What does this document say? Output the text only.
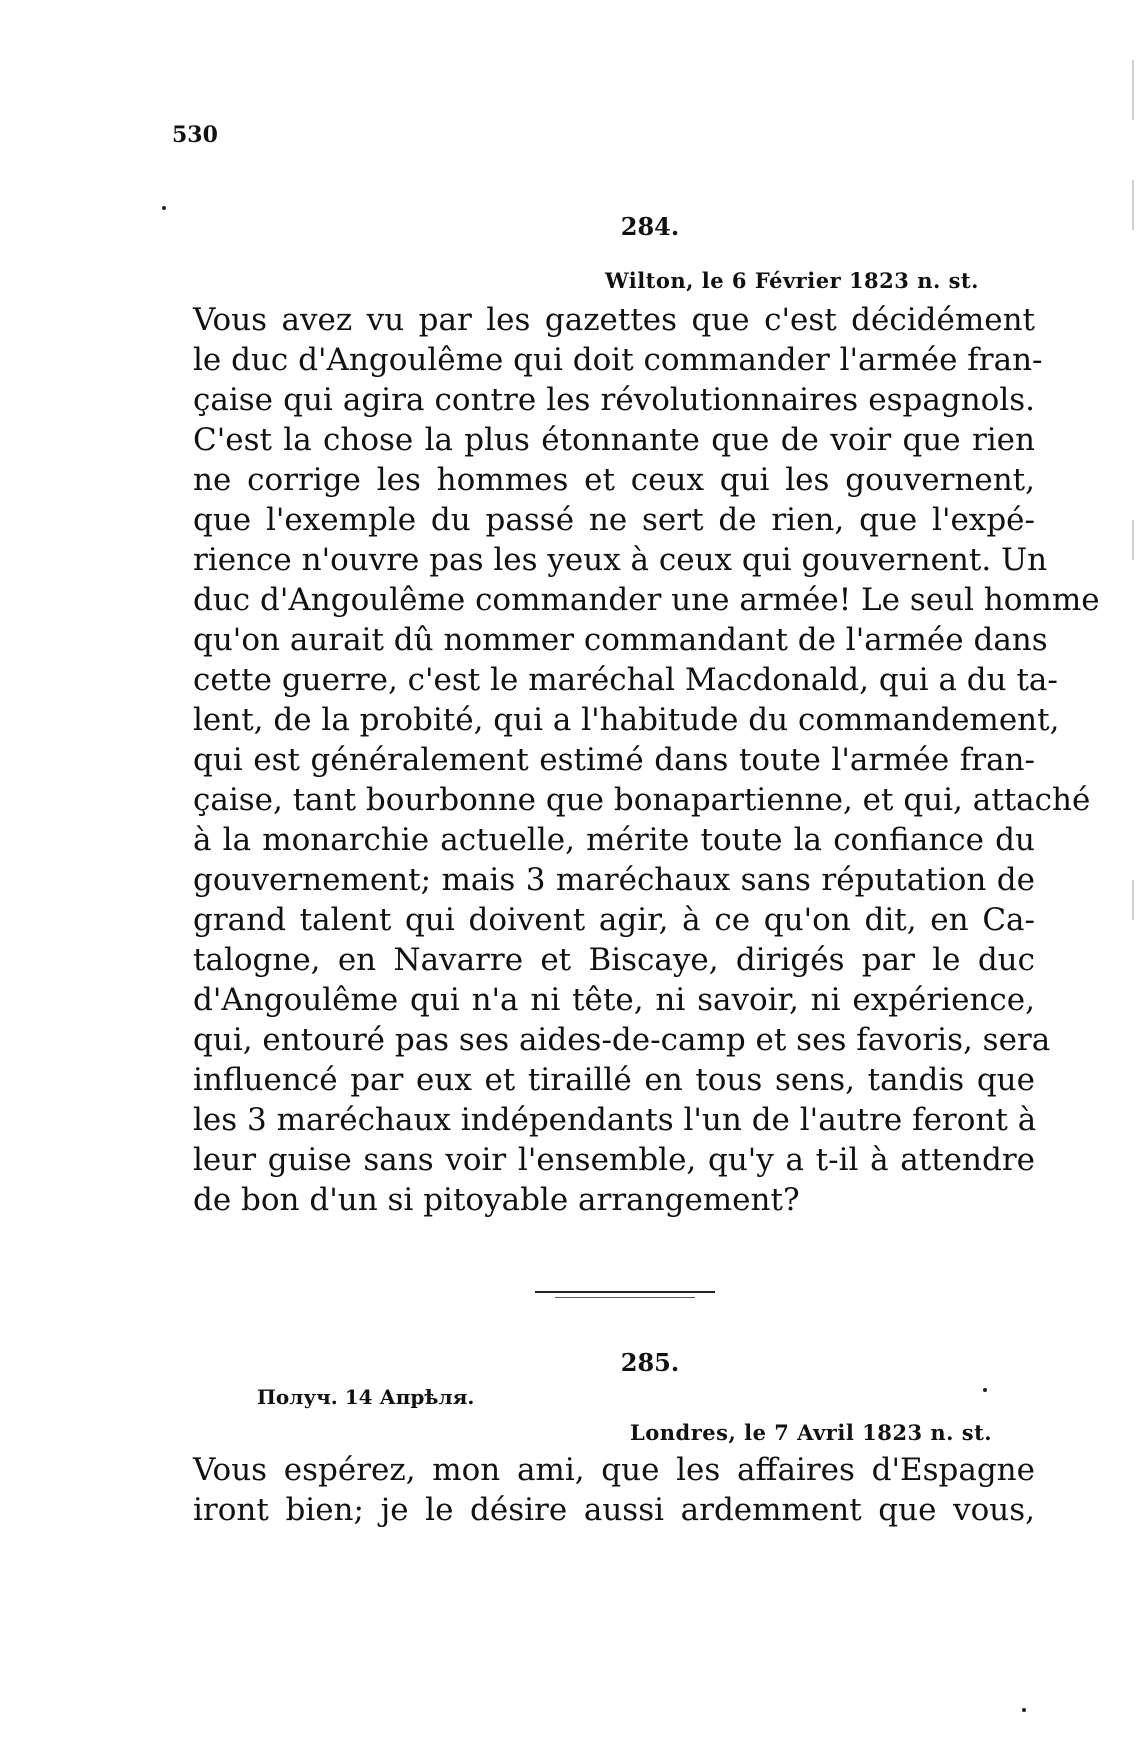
530
284.
Wilton, le 6 Février 1823 n. st.
Vous avez vu par les gazettes que c'est décidément
le duc d'Angoulême qui doit commander l'armée fran-
çaise qui agira contre les révolutionnaires espagnols.
C'est la chose la plus étonnante que de voir que rien
ne corrige les hommes et ceux qui les gouvernent,
que l'exemple du passé ne sert de rien, que l'expé-
rience n'ouvre pas les yeux à ceux qui gouvernent. Un
duc d'Angoulême commander une armée! Le seul homme
qu'on aurait dû nommer commandant de l'armée dans
cette guerre, c'est le maréchal Macdonald, qui a du ta-
lent, de la probité, qui a l'habitude du commandement,
qui est généralement estimé dans toute l'armée fran-
çaise, tant bourbonne que bonapartienne, et qui, attaché
à la monarchie actuelle, mérite toute la confiance du
gouvernement; mais 3 maréchaux sans réputation de
grand talent qui doivent agir, à ce qu'on dit, en Ca-
talogne, en Navarre et Biscaye, dirigés par le duc
d'Angoulême qui n'a ni tête, ni savoir, ni expérience,
qui, entouré pas ses aides-de-camp et ses favoris, sera
influencé par eux et tiraillé en tous sens, tandis que
les 3 maréchaux indépendants l'un de l'autre feront à
leur guise sans voir l'ensemble, qu'y a t-il à attendre
de bon d'un si pitoyable arrangement?
285.
Получ. 14 Апрѣля.
Londres, le 7 Avril 1823 n. st.
Vous espérez, mon ami, que les affaires d'Espagne
iront bien; je le désire aussi ardemment que vous,
